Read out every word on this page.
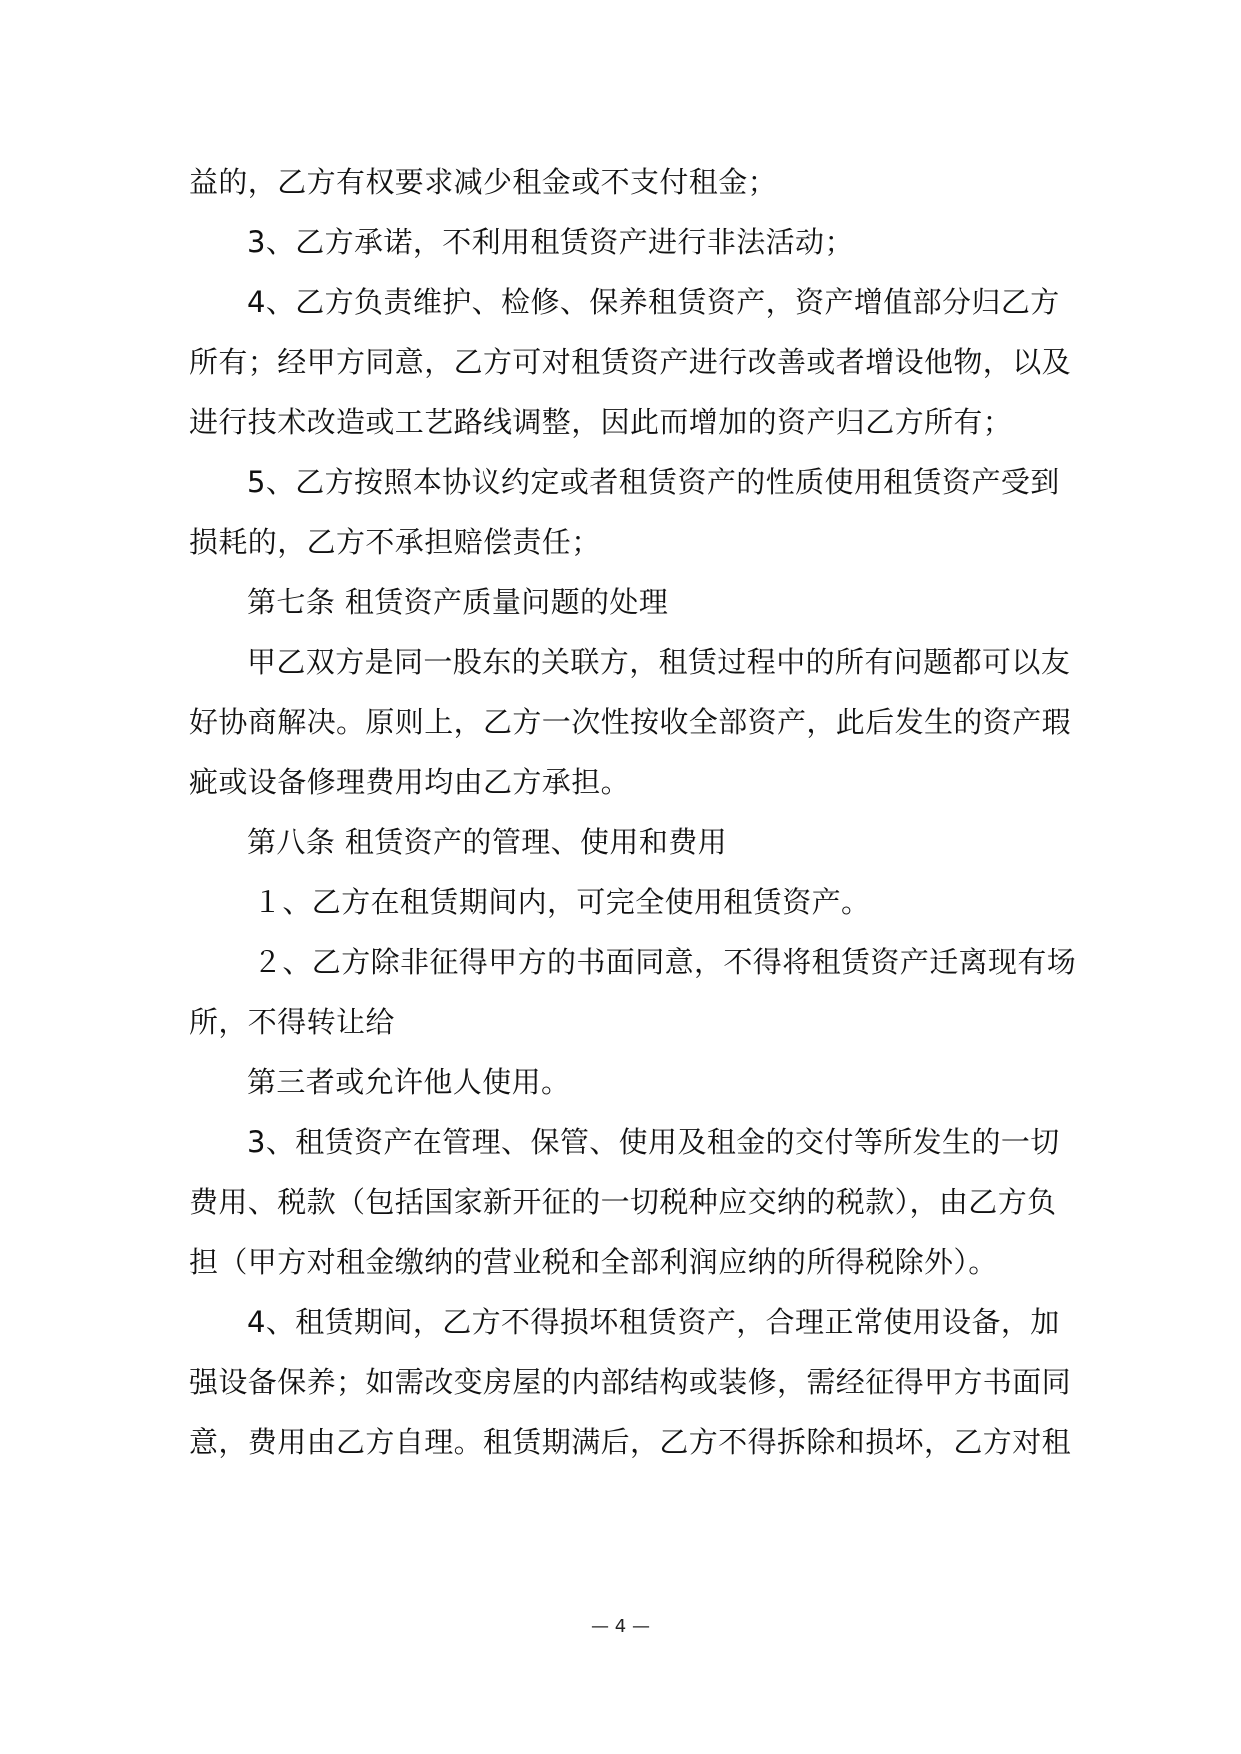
益的，乙方有权要求减少租金或不支付租金；
3、乙方承诺，不利用租赁资产进行非法活动；
4、乙方负责维护、检修、保养租赁资产，资产增值部分归乙方
所有；经甲方同意，乙方可对租赁资产进行改善或者增设他物，以及
进行技术改造或工艺路线调整，因此而增加的资产归乙方所有；
5、乙方按照本协议约定或者租赁资产的性质使用租赁资产受到
损耗的，乙方不承担赔偿责任；
第七条 租赁资产质量问题的处理
甲乙双方是同一股东的关联方，租赁过程中的所有问题都可以友
好协商解决。原则上，乙方一次性按收全部资产，此后发生的资产瑕
疵或设备修理费用均由乙方承担。
第八条 租赁资产的管理、使用和费用
１、乙方在租赁期间内，可完全使用租赁资产。
２、乙方除非征得甲方的书面同意，不得将租赁资产迁离现有场
所，不得转让给
第三者或允许他人使用。
3、租赁资产在管理、保管、使用及租金的交付等所发生的一切
费用、税款（包括国家新开征的一切税种应交纳的税款），由乙方负
担（甲方对租金缴纳的营业税和全部利润应纳的所得税除外）。
4、租赁期间，乙方不得损坏租赁资产，合理正常使用设备，加
强设备保养；如需改变房屋的内部结构或装修，需经征得甲方书面同
意，费用由乙方自理。租赁期满后，乙方不得拆除和损坏，乙方对租
— 4 —
